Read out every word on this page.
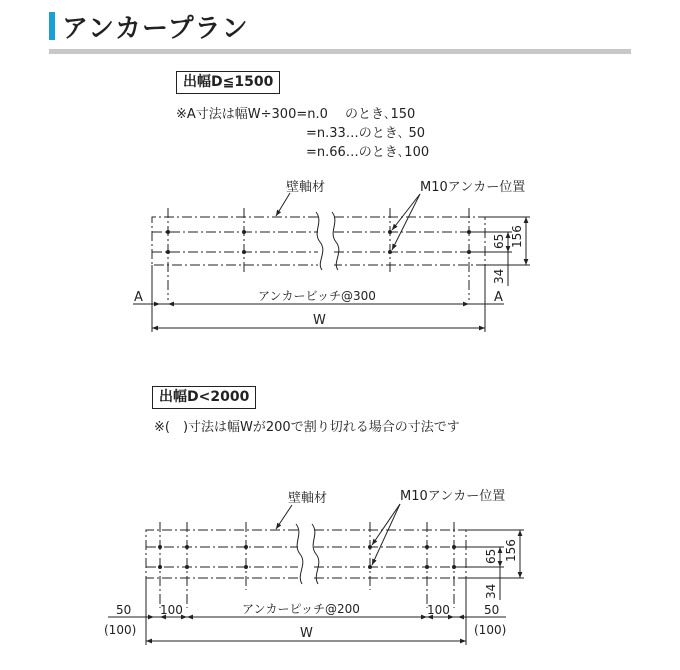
アンカープラン
出幅D≦1500
※A寸法は幅W÷300=n.0　 のとき､150
　　　　　　　　　　=n.33…のとき､ 50
　　　　　　　　　　=n.66…のとき､100
出幅D<2000
※(　)寸法は幅Wが200で割り切れる場合の寸法です
壁軸材	M10アンカー位置
65 156
34
A	アンカービッチ@300	A
W
壁軸材	M10アンカー位置
65 156
34
50
(100)
100	アンカーピッチ@200	100	50
(100)
W
